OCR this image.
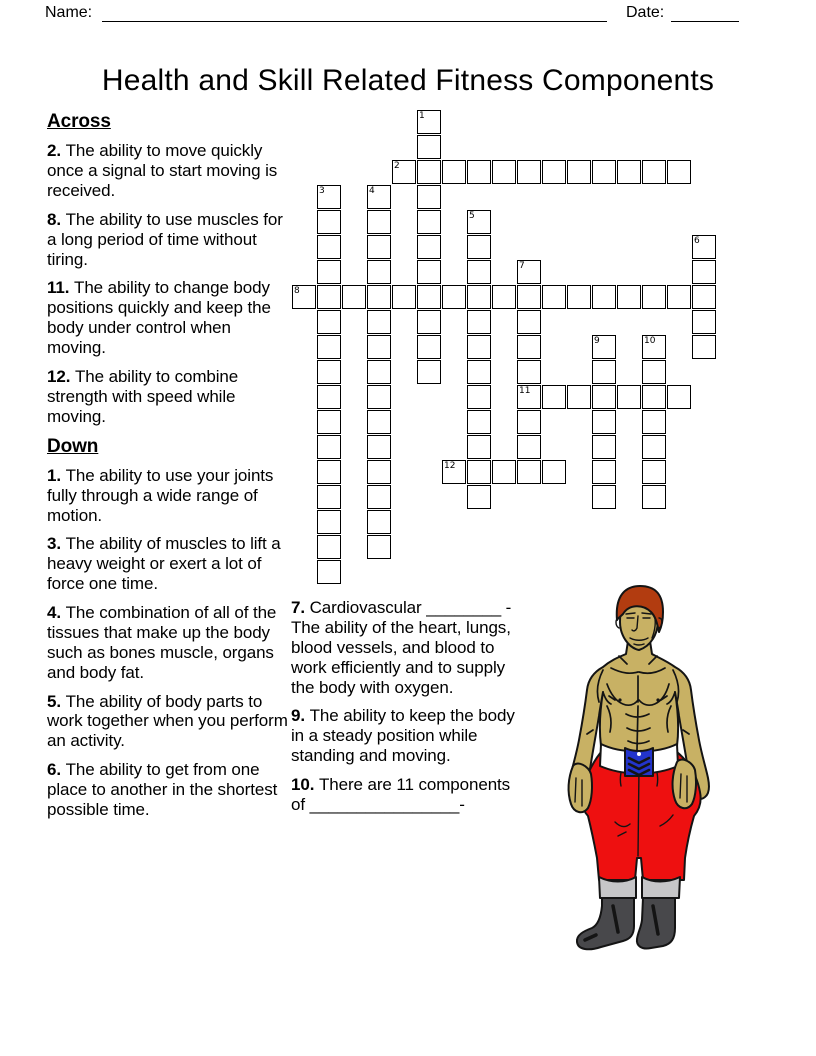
Name:	Date:
Health and Skill Related Fitness Components
Across

2. The ability to move quickly once a signal to start moving is received.

8. The ability to use muscles for a long period of time without tiring.

11. The ability to change body positions quickly and keep the body under control when moving.

12. The ability to combine strength with speed while moving.

Down

1. The ability to use your joints fully through a wide range of motion.

3. The ability of muscles to lift a heavy weight or exert a lot of force one time.

4. The combination of all of the tissues that make up the body such as bones muscle, organs and body fat.

5. The ability of body parts to work together when you perform an activity.

6. The ability to get from one place to another in the shortest possible time.

7. Cardiovascular ________ - The ability of the heart, lungs, blood vessels, and blood to work efficiently and to supply the body with oxygen.

9. The ability to keep the body in a steady position while standing and moving.

10. There are 11 components of ________________-

1
2
3	4
5
6
7
11
8
9	10
12
